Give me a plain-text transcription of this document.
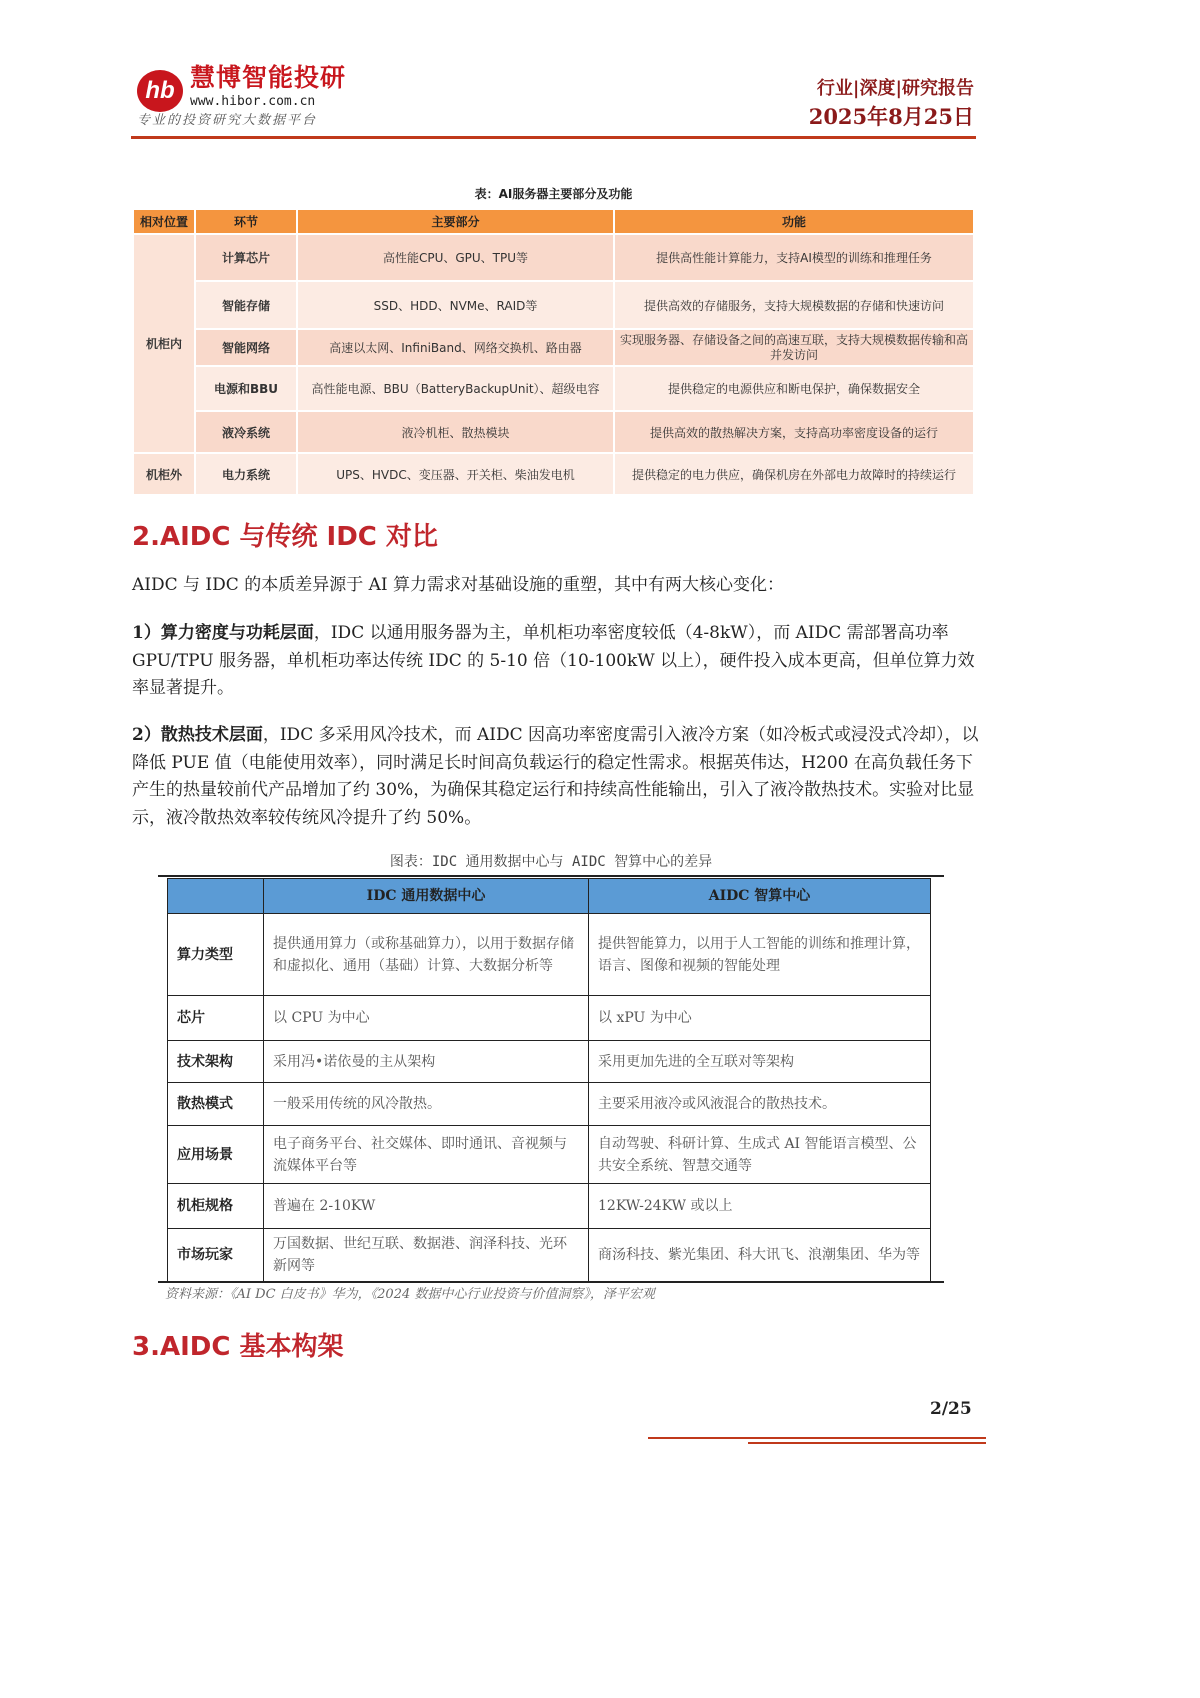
hb 慧博智能投研
www.hibor.com.cn
专业的投资研究大数据平台
行业|深度|研究报告
2025年8月25日
表：AI服务器主要部分及功能
相对位置	环节	主要部分	功能
机柜内	计算芯片	高性能CPU、GPU、TPU等	提供高性能计算能力，支持AI模型的训练和推理任务
	智能存储	SSD、HDD、NVMe、RAID等	提供高效的存储服务，支持大规模数据的存储和快速访问
	智能网络	高速以太网、InfiniBand、网络交换机、路由器	实现服务器、存储设备之间的高速互联，支持大规模数据传输和高并发访问
	电源和BBU	高性能电源、BBU（BatteryBackupUnit）、超级电容	提供稳定的电源供应和断电保护，确保数据安全
	液冷系统	液冷机柜、散热模块	提供高效的散热解决方案，支持高功率密度设备的运行
机柜外	电力系统	UPS、HVDC、变压器、开关柜、柴油发电机	提供稳定的电力供应，确保机房在外部电力故障时的持续运行
2.AIDC 与传统 IDC 对比
AIDC 与 IDC 的本质差异源于 AI 算力需求对基础设施的重塑，其中有两大核心变化：
1）算力密度与功耗层面，IDC 以通用服务器为主，单机柜功率密度较低（4-8kW），而 AIDC 需部署高功率 GPU/TPU 服务器，单机柜功率达传统 IDC 的 5-10 倍（10-100kW 以上），硬件投入成本更高，但单位算力效率显著提升。
2）散热技术层面，IDC 多采用风冷技术，而 AIDC 因高功率密度需引入液冷方案（如冷板式或浸没式冷却），以降低 PUE 值（电能使用效率），同时满足长时间高负载运行的稳定性需求。根据英伟达，H200 在高负载任务下产生的热量较前代产品增加了约 30%，为确保其稳定运行和持续高性能输出，引入了液冷散热技术。实验对比显示，液冷散热效率较传统风冷提升了约 50%。
图表：IDC 通用数据中心与 AIDC 智算中心的差异
	IDC 通用数据中心	AIDC 智算中心
算力类型	提供通用算力（或称基础算力），以用于数据存储和虚拟化、通用（基础）计算、大数据分析等	提供智能算力，以用于人工智能的训练和推理计算，语言、图像和视频的智能处理
芯片	以 CPU 为中心	以 xPU 为中心
技术架构	采用冯•诺依曼的主从架构	采用更加先进的全互联对等架构
散热模式	一般采用传统的风冷散热。	主要采用液冷或风液混合的散热技术。
应用场景	电子商务平台、社交媒体、即时通讯、音视频与流媒体平台等	自动驾驶、科研计算、生成式 AI 智能语言模型、公共安全系统、智慧交通等
机柜规格	普遍在 2-10KW	12KW-24KW 或以上
市场玩家	万国数据、世纪互联、数据港、润泽科技、光环新网等	商汤科技、紫光集团、科大讯飞、浪潮集团、华为等
资料来源：《AI DC 白皮书》华为，《2024 数据中心行业投资与价值洞察》，泽平宏观
3.AIDC 基本构架
2/25
